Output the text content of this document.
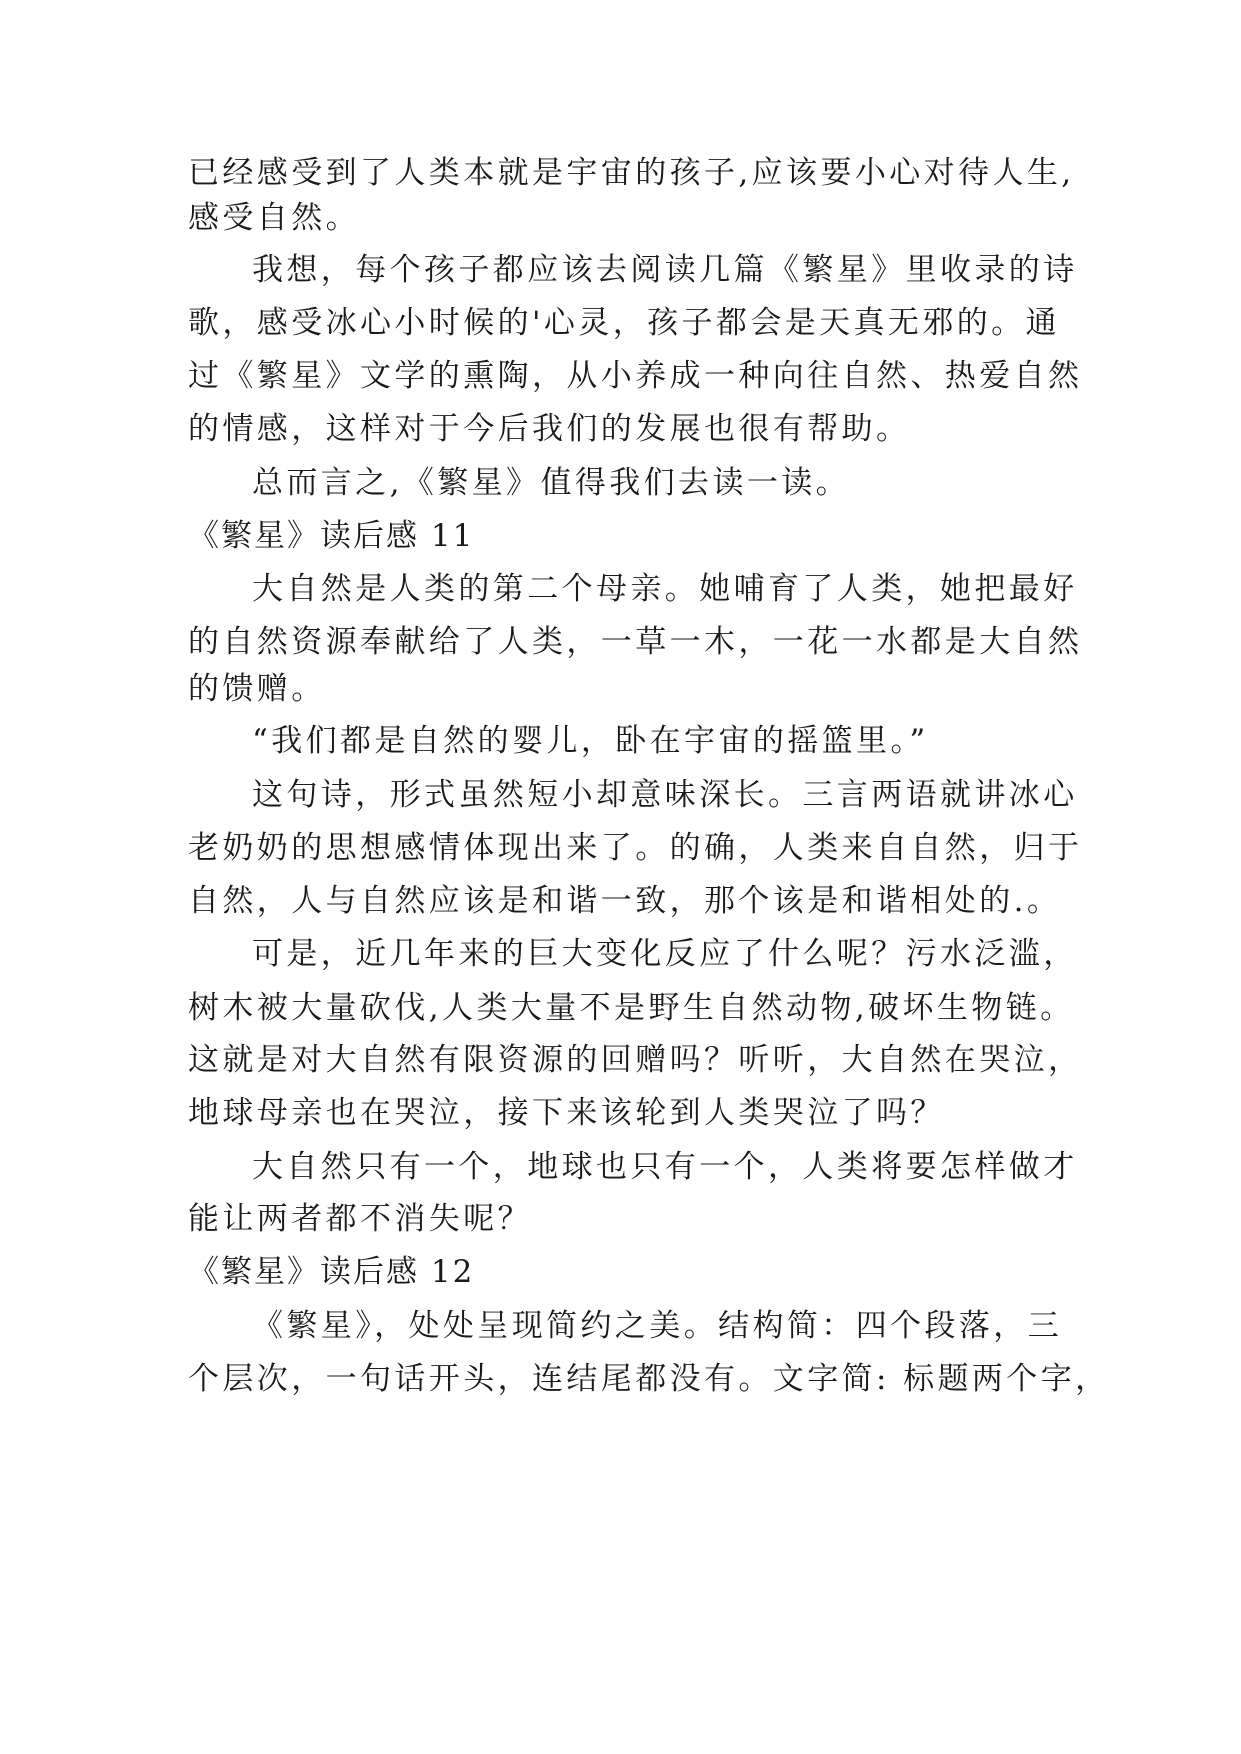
已经感受到了人类本就是宇宙的孩子,应该要小心对待人生,
感受自然。
我想，每个孩子都应该去阅读几篇《繁星》里收录的诗
歌，感受冰心小时候的'心灵，孩子都会是天真无邪的。通
过《繁星》文学的熏陶，从小养成一种向往自然、热爱自然
的情感，这样对于今后我们的发展也很有帮助。
总而言之,《繁星》值得我们去读一读。
《繁星》读后感 11
大自然是人类的第二个母亲。她哺育了人类，她把最好
的自然资源奉献给了人类，一草一木，一花一水都是大自然
的馈赠。
“我们都是自然的婴儿，卧在宇宙的摇篮里。”
这句诗，形式虽然短小却意味深长。三言两语就讲冰心
老奶奶的思想感情体现出来了。的确，人类来自自然，归于
自然，人与自然应该是和谐一致，那个该是和谐相处的.。
可是，近几年来的巨大变化反应了什么呢？污水泛滥，
树木被大量砍伐,人类大量不是野生自然动物,破坏生物链。
这就是对大自然有限资源的回赠吗？听听，大自然在哭泣，
地球母亲也在哭泣，接下来该轮到人类哭泣了吗？
大自然只有一个，地球也只有一个，人类将要怎样做才
能让两者都不消失呢？
《繁星》读后感 12
《繁星》，处处呈现简约之美。结构简：四个段落，三
个层次，一句话开头，连结尾都没有。文字简: 标题两个字，
